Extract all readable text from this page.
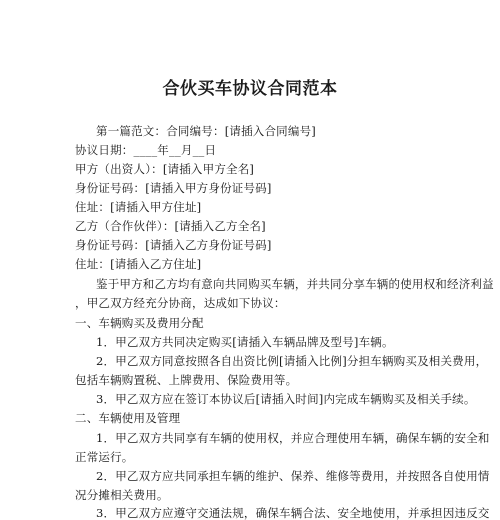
合伙买车协议合同范本
第一篇范文：合同编号：[请插入合同编号]
协议日期：____年__月__日
甲方（出资人）：[请插入甲方全名]
身份证号码：[请插入甲方身份证号码]
住址：[请插入甲方住址]
乙方（合作伙伴）：[请插入乙方全名]
身份证号码：[请插入乙方身份证号码]
住址：[请插入乙方住址]
鉴于甲方和乙方均有意向共同购买车辆，并共同分享车辆的使用权和经济利益
，甲乙双方经充分协商，达成如下协议：
一、车辆购买及费用分配
1．甲乙双方共同决定购买[请插入车辆品牌及型号]车辆。
2．甲乙双方同意按照各自出资比例[请插入比例]分担车辆购买及相关费用，
包括车辆购置税、上牌费用、保险费用等。
3．甲乙双方应在签订本协议后[请插入时间]内完成车辆购买及相关手续。
二、车辆使用及管理
1．甲乙双方共同享有车辆的使用权，并应合理使用车辆，确保车辆的安全和
正常运行。
2．甲乙双方应共同承担车辆的维护、保养、维修等费用，并按照各自使用情
况分摊相关费用。
3．甲乙双方应遵守交通法规，确保车辆合法、安全地使用，并承担因违反交
